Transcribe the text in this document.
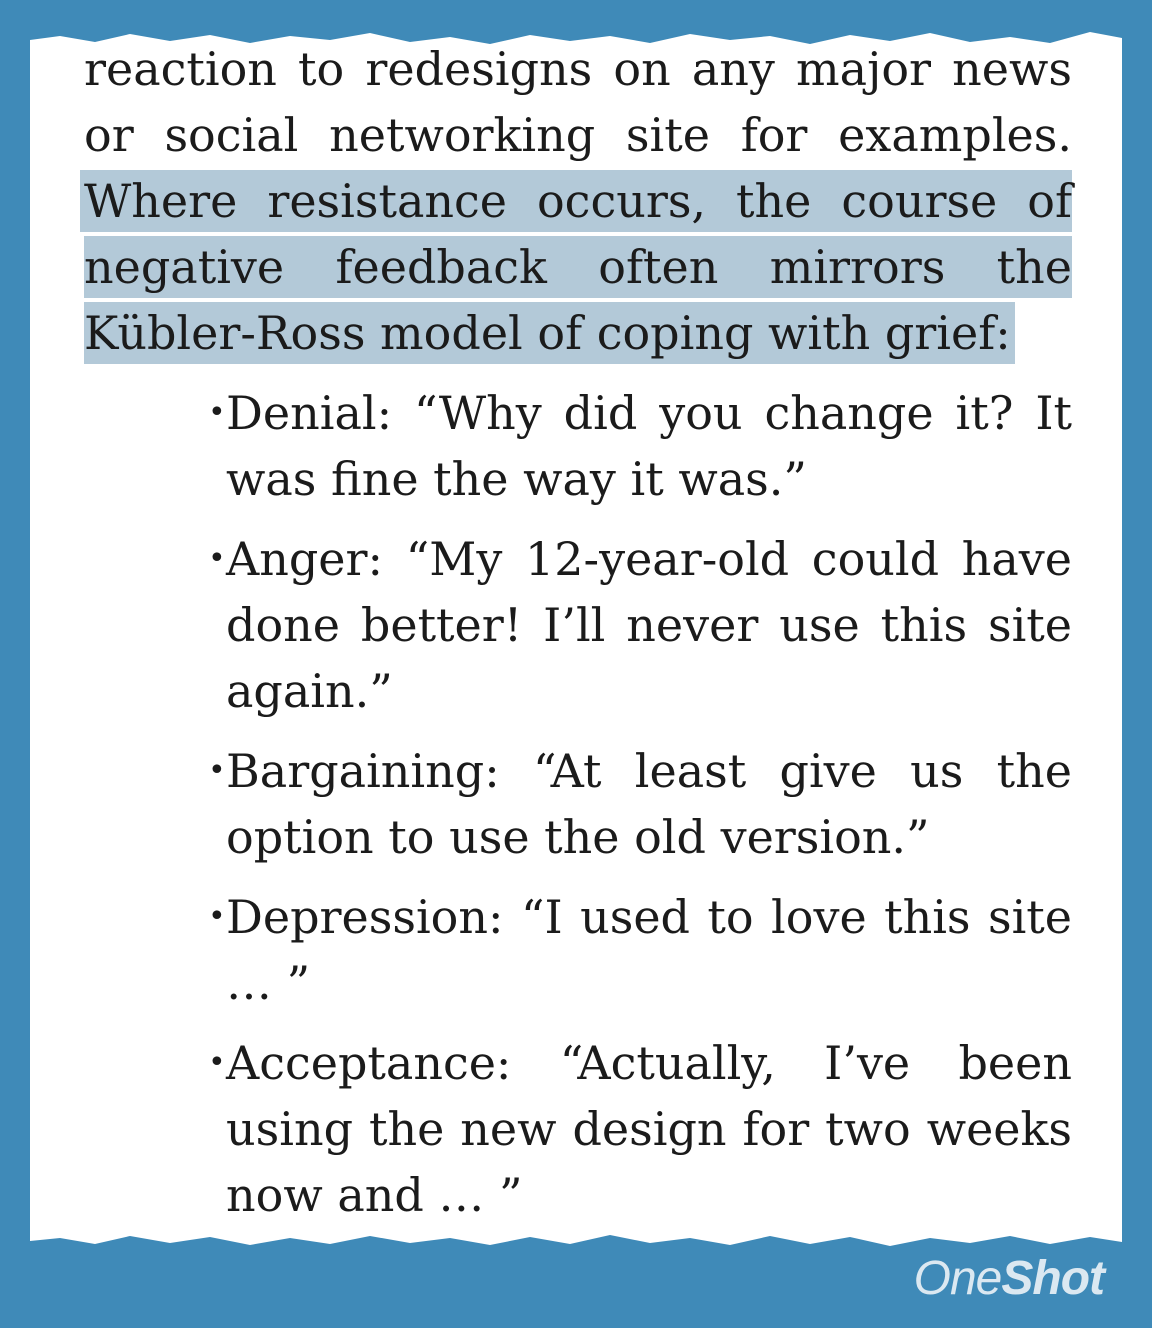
reaction to redesigns on any major news or social networking site for examples. Where resistance occurs, the course of negative feedback often mirrors the Kübler-Ross model of coping with grief:

• Denial: “Why did you change it? It was fine the way it was.”
• Anger: “My 12-year-old could have done better! I’ll never use this site again.”
• Bargaining: “At least give us the option to use the old version.”
• Depression: “I used to love this site … ”
• Acceptance: “Actually, I’ve been using the new design for two weeks now and … ”
OneShot
